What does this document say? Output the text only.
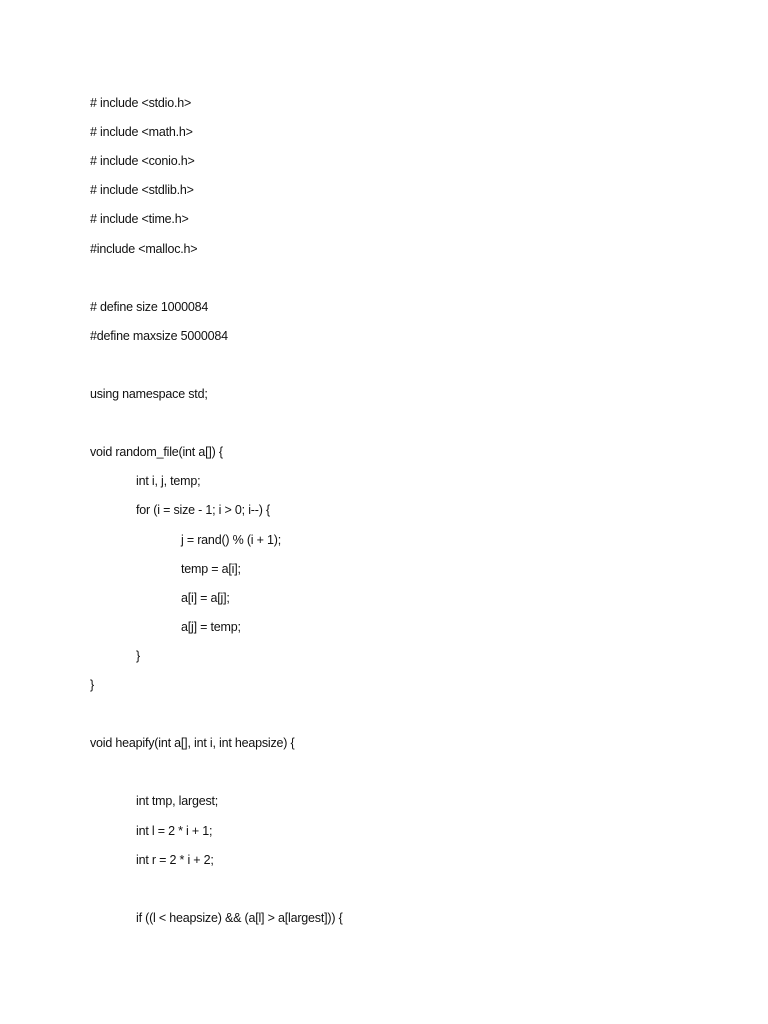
# include <stdio.h>
# include <math.h>
# include <conio.h>
# include <stdlib.h>
# include <time.h>
#include <malloc.h>
# define size 1000084
#define maxsize 5000084
using namespace std;
void random_file(int a[]) {
int i, j, temp;
for (i = size - 1; i > 0; i--) {
j = rand() % (i + 1);
temp = a[i];
a[i] = a[j];
a[j] = temp;
}
}
void heapify(int a[], int i, int heapsize) {
int tmp, largest;
int l = 2 * i + 1;
int r = 2 * i + 2;
if ((l < heapsize) && (a[l] > a[largest])) {
